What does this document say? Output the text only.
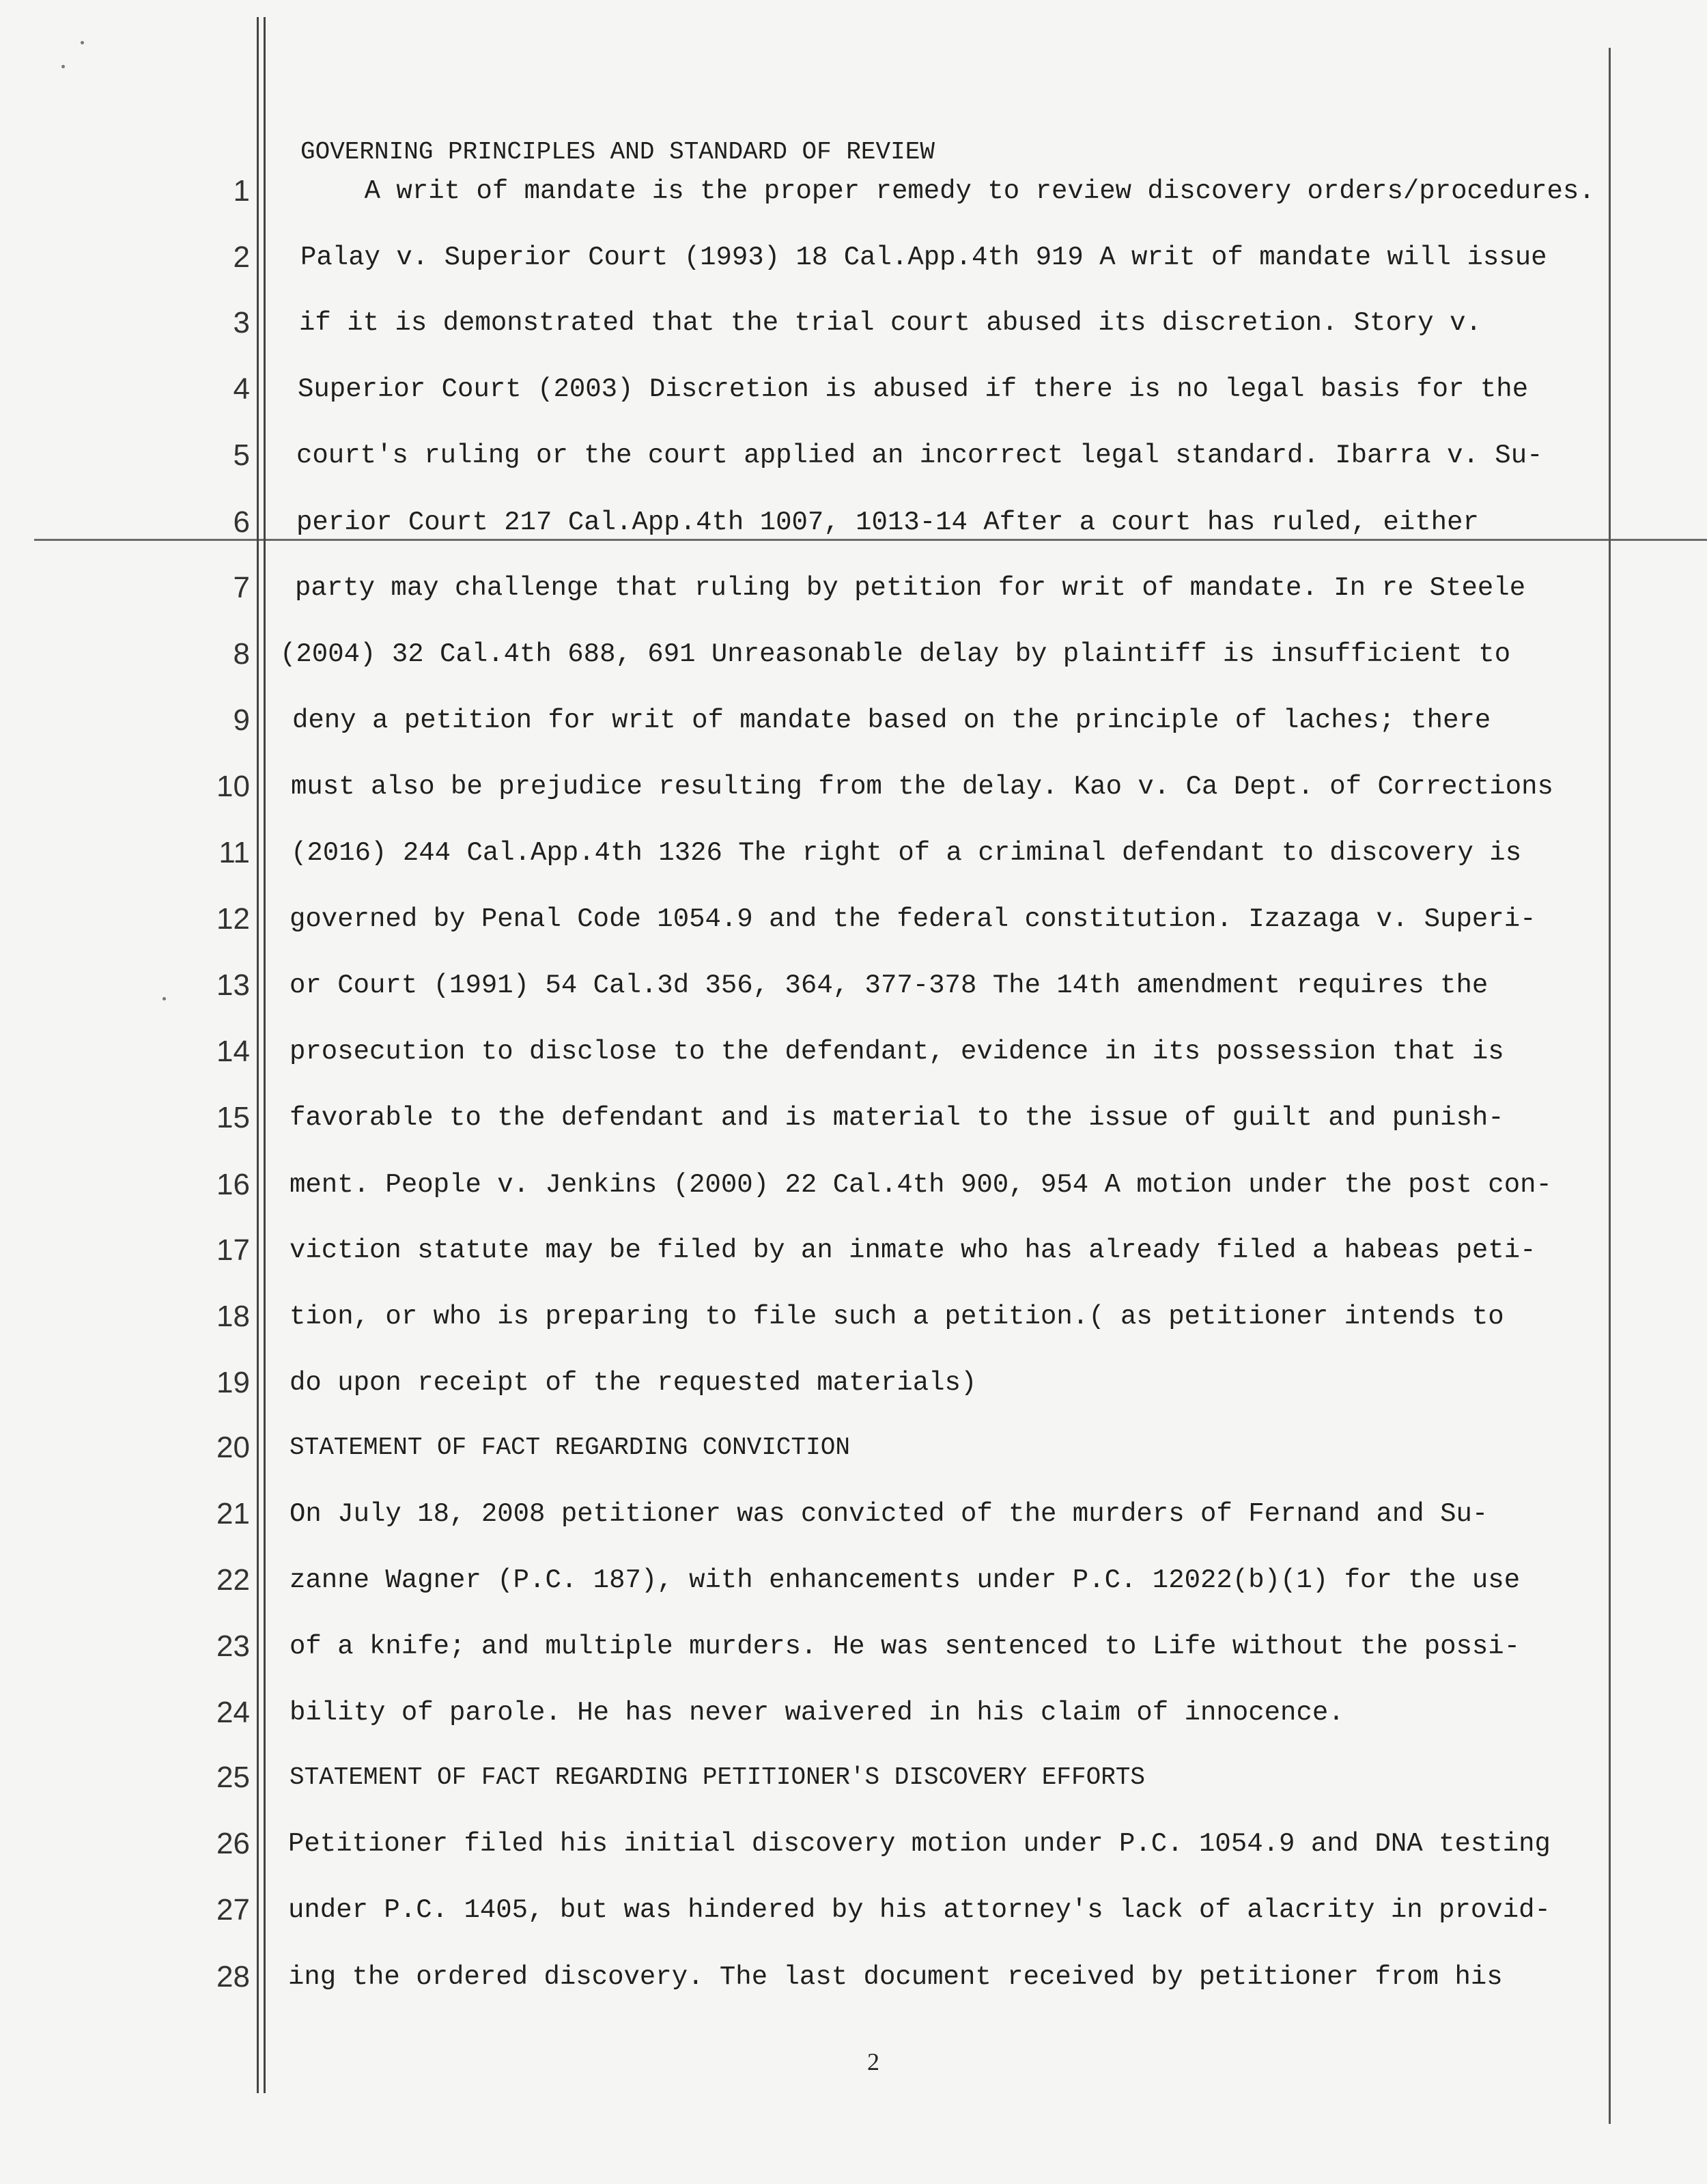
GOVERNING PRINCIPLES AND STANDARD OF REVIEW
1 A writ of mandate is the proper remedy to review discovery orders/procedures.
2 Palay v. Superior Court (1993) 18 Cal.App.4th 919 A writ of mandate will issue
3 if it is demonstrated that the trial court abused its discretion. Story v.
4 Superior Court (2003) Discretion is abused if there is no legal basis for the
5 court's ruling or the court applied an incorrect legal standard. Ibarra v. Su-
6 perior Court 217 Cal.App.4th 1007, 1013-14 After a court has ruled, either
7 party may challenge that ruling by petition for writ of mandate. In re Steele
8 (2004) 32 Cal.4th 688, 691 Unreasonable delay by plaintiff is insufficient to
9 deny a petition for writ of mandate based on the principle of laches; there
10 must also be prejudice resulting from the delay. Kao v. Ca Dept. of Corrections
11 (2016) 244 Cal.App.4th 1326 The right of a criminal defendant to discovery is
12 governed by Penal Code 1054.9 and the federal constitution. Izazaga v. Superi-
13 or Court (1991) 54 Cal.3d 356, 364, 377-378 The 14th amendment requires the
14 prosecution to disclose to the defendant, evidence in its possession that is
15 favorable to the defendant and is material to the issue of guilt and punish-
16 ment. People v. Jenkins (2000) 22 Cal.4th 900, 954 A motion under the post con-
17 viction statute may be filed by an inmate who has already filed a habeas peti-
18 tion, or who is preparing to file such a petition.( as petitioner intends to
19 do upon receipt of the requested materials)
20 STATEMENT OF FACT REGARDING CONVICTION
21 On July 18, 2008 petitioner was convicted of the murders of Fernand and Su-
22 zanne Wagner (P.C. 187), with enhancements under P.C. 12022(b)(1) for the use
23 of a knife; and multiple murders. He was sentenced to Life without the possi-
24 bility of parole. He has never waivered in his claim of innocence.
25 STATEMENT OF FACT REGARDING PETITIONER'S DISCOVERY EFFORTS
26 Petitioner filed his initial discovery motion under P.C. 1054.9 and DNA testing
27 under P.C. 1405, but was hindered by his attorney's lack of alacrity in provid-
28 ing the ordered discovery. The last document received by petitioner from his
2
